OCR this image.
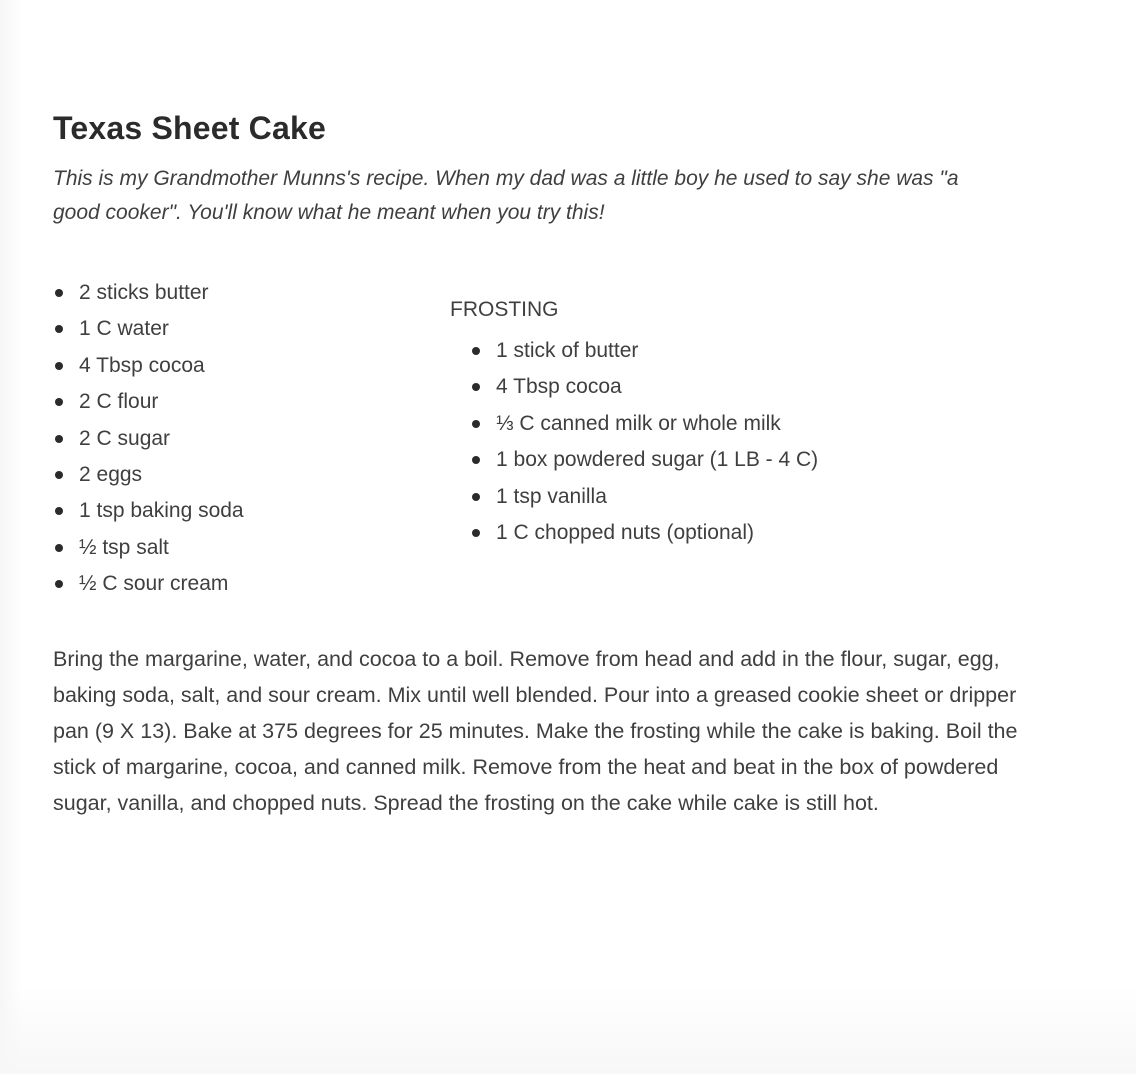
Texas Sheet Cake

This is my Grandmother Munns's recipe. When my dad was a little boy he used to say she was "a good cooker". You'll know what he meant when you try this!

2 sticks butter
1 C water
4 Tbsp cocoa
2 C flour
2 C sugar
2 eggs
1 tsp baking soda
½ tsp salt
½ C sour cream
FROSTING
1 stick of butter
4 Tbsp cocoa
⅓ C canned milk or whole milk
1 box powdered sugar (1 LB - 4 C)
1 tsp vanilla
1 C chopped nuts (optional)

Bring the margarine, water, and cocoa to a boil. Remove from head and add in the flour, sugar, egg, baking soda, salt, and sour cream. Mix until well blended. Pour into a greased cookie sheet or dripper pan (9 X 13). Bake at 375 degrees for 25 minutes. Make the frosting while the cake is baking. Boil the stick of margarine, cocoa, and canned milk. Remove from the heat and beat in the box of powdered sugar, vanilla, and chopped nuts. Spread the frosting on the cake while cake is still hot.
